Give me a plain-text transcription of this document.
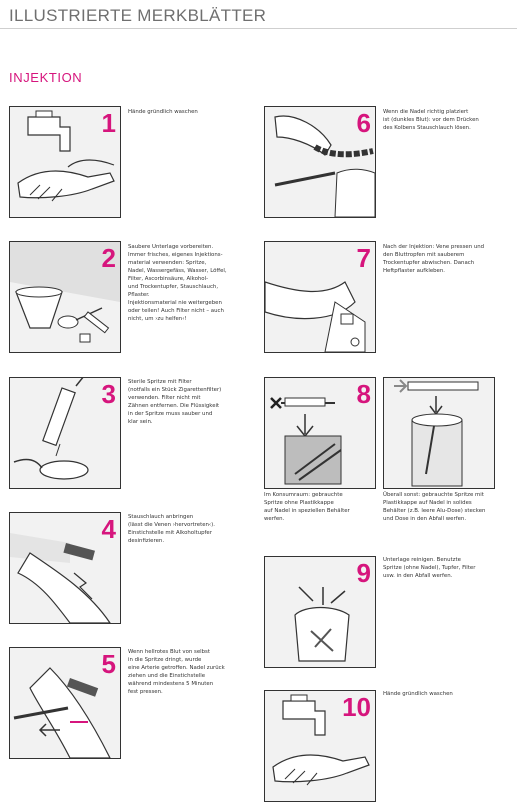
ILLUSTRIERTE MERKBLÄTTER
INJEKTION
1 Hände gründlich waschen
2 Saubere Unterlage vorbereiten.
Immer frisches, eigenes Injektions-
material verwenden: Spritze,
Nadel, Wassergefäss, Wasser, Löffel,
Filter, Ascorbinsäure, Alkohol-
und Trockentupfer, Stauschlauch,
Pflaster.
Injektionsmaterial nie weitergeben
oder teilen! Auch Filter nicht – auch
nicht, um ›zu helfen‹!
3 Sterile Spritze mit Filter
(notfalls ein Stück Zigarettenfilter)
verwenden. Filter nicht mit
Zähnen entfernen. Die Flüssigkeit
in der Spritze muss sauber und
klar sein.
4 Stauschlauch anbringen
(lässt die Venen ›hervortreten‹).
Einstichstelle mit Alkoholtupfer
desinfizieren.
5 Wenn hellrotes Blut von selbst
in die Spritze dringt, wurde
eine Arterie getroffen. Nadel zurück
ziehen und die Einstichstelle
während mindestens 5 Minuten
fest pressen.
6 Wenn die Nadel richtig platziert
ist (dunkles Blut): vor dem Drücken
des Kolbens Stauschlauch lösen.
7 Nach der Injektion: Vene pressen und
den Bluttropfen mit sauberem
Trockentupfer abwischen. Danach
Heftpflaster aufkleben.
8
Im Konsumraum: gebrauchte
Spritze ohne Plastikkappe
auf Nadel in speziellen Behälter
werfen.
Überall sonst: gebrauchte Spritze mit
Plastikkappe auf Nadel in solides
Behälter (z.B. leere Alu-Dose) stecken
und Dose in den Abfall werfen.
9 Unterlage reinigen. Benutzte
Spritze (ohne Nadel), Tupfer, Filter
usw. in den Abfall werfen.
10 Hände gründlich waschen
